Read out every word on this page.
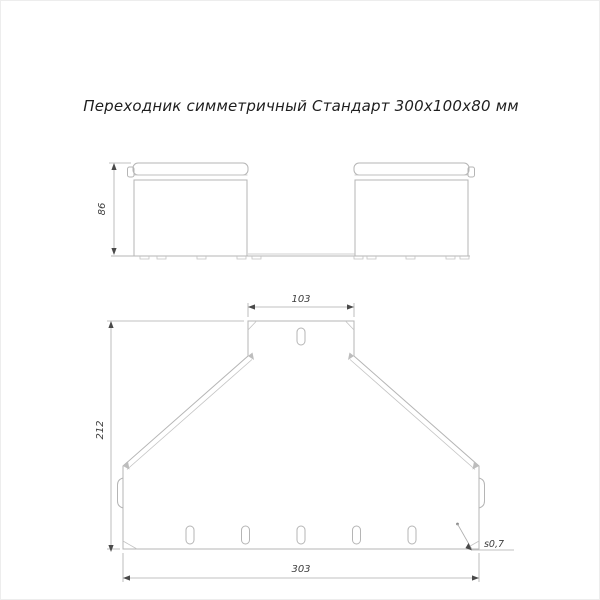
Переходник симметричный Стандарт 300х100х80 мм
86
103
212
303
s0,7
